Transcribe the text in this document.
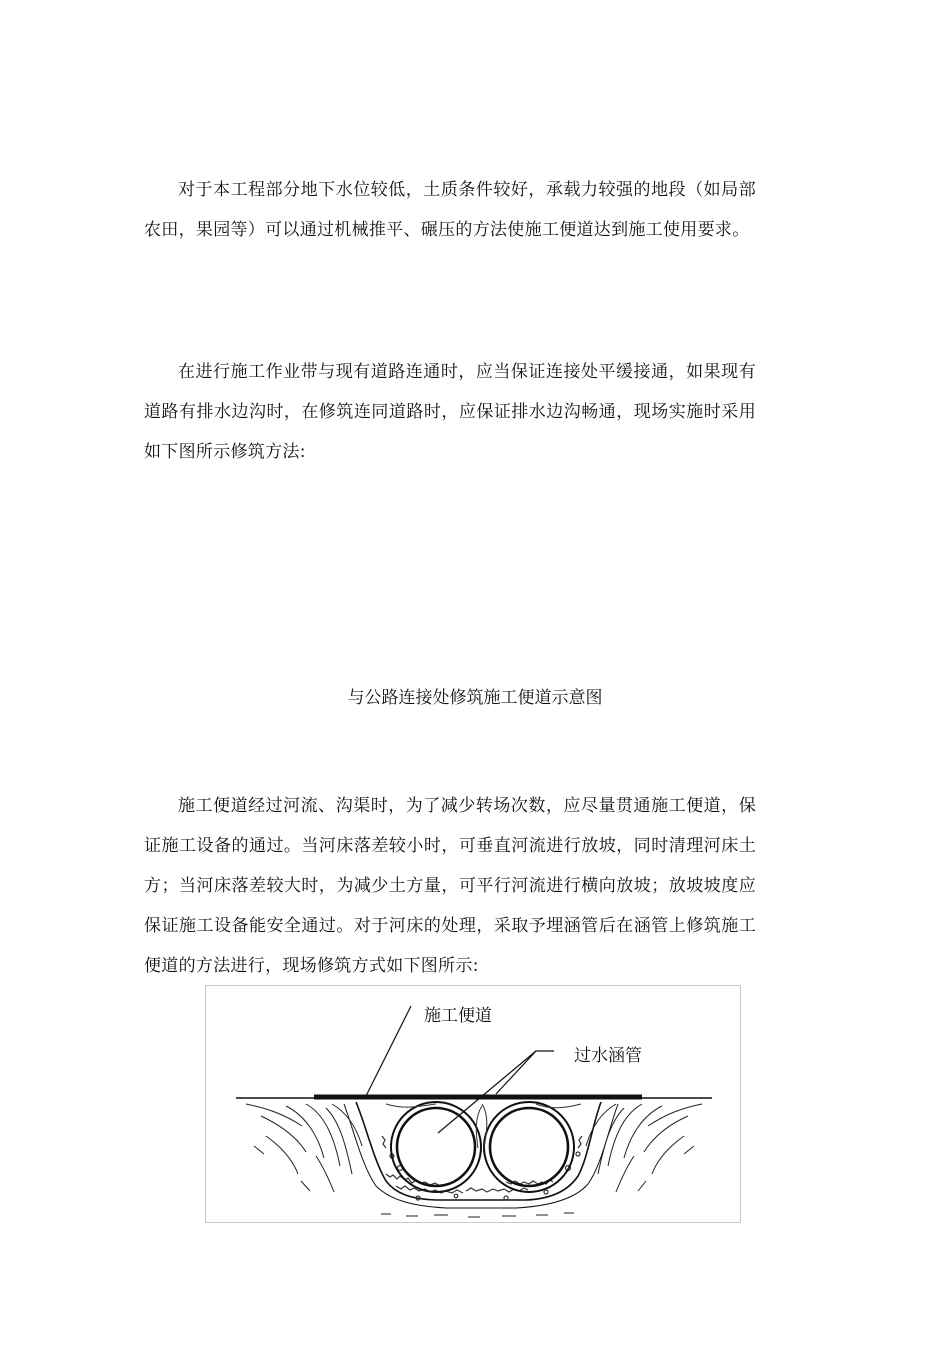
对于本工程部分地下水位较低，土质条件较好，承载力较强的地段（如局部农田，果园等）可以通过机械推平、碾压的方法使施工便道达到施工使用要求。

在进行施工作业带与现有道路连通时，应当保证连接处平缓接通，如果现有道路有排水边沟时，在修筑连同道路时，应保证排水边沟畅通，现场实施时采用如下图所示修筑方法:

与公路连接处修筑施工便道示意图

施工便道经过河流、沟渠时，为了减少转场次数，应尽量贯通施工便道，保证施工设备的通过。当河床落差较小时，可垂直河流进行放坡，同时清理河床土方；当河床落差较大时，为减少土方量，可平行河流进行横向放坡；放坡坡度应保证施工设备能安全通过。对于河床的处理，采取予埋涵管后在涵管上修筑施工便道的方法进行，现场修筑方式如下图所示:

施工便道
过水涵管
